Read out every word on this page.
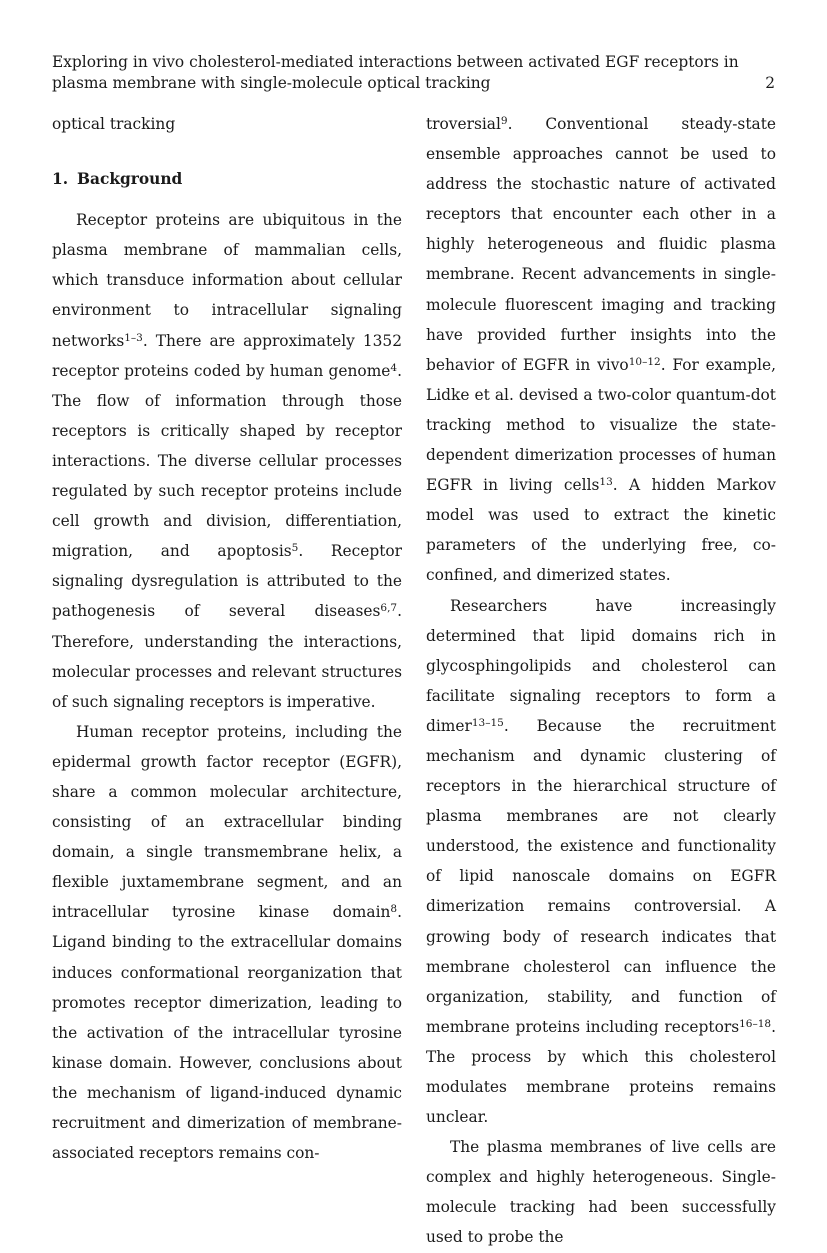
Exploring in vivo cholesterol-mediated interactions between activated EGF receptors in plasma membrane with single-molecule optical tracking	2

optical tracking

1. Background

Receptor proteins are ubiquitous in the plasma membrane of mammalian cells, which transduce information about cellular environment to intracellular signaling networks$^{1-3}$. There are approximately 1352 receptor proteins coded by human genome$^4$. The flow of information through those receptors is critically shaped by receptor interactions. The diverse cellular processes regulated by such receptor proteins include cell growth and division, differentiation, migration, and apoptosis$^5$. Receptor signaling dysregulation is attributed to the pathogenesis of several diseases$^{6,7}$. Therefore, understanding the interactions, molecular processes and relevant structures of such signaling receptors is imperative.

Human receptor proteins, including the epidermal growth factor receptor (EGFR), share a common molecular architecture, consisting of an extracellular binding domain, a single transmembrane helix, a flexible juxtamembrane segment, and an intracellular tyrosine kinase domain$^8$. Ligand binding to the extracellular domains induces conformational reorganization that promotes receptor dimerization, leading to the activation of the intracellular tyrosine kinase domain. However, conclusions about the mechanism of ligand-induced dynamic recruitment and dimerization of membrane-associated receptors remains con-

troversial$^9$. Conventional steady-state ensemble approaches cannot be used to address the stochastic nature of activated receptors that encounter each other in a highly heterogeneous and fluidic plasma membrane. Recent advancements in single-molecule fluorescent imaging and tracking have provided further insights into the behavior of EGFR in vivo$^{10-12}$. For example, Lidke et al. devised a two-color quantum-dot tracking method to visualize the state-dependent dimerization processes of human EGFR in living cells$^{13}$. A hidden Markov model was used to extract the kinetic parameters of the underlying free, co-confined, and dimerized states.

Researchers have increasingly determined that lipid domains rich in glycosphingolipids and cholesterol can facilitate signaling receptors to form a dimer$^{13-15}$. Because the recruitment mechanism and dynamic clustering of receptors in the hierarchical structure of plasma membranes are not clearly understood, the existence and functionality of lipid nanoscale domains on EGFR dimerization remains controversial. A growing body of research indicates that membrane cholesterol can influence the organization, stability, and function of membrane proteins including receptors$^{16-18}$. The process by which this cholesterol modulates membrane proteins remains unclear.

The plasma membranes of live cells are complex and highly heterogeneous. Single-molecule tracking had been successfully used to probe the
